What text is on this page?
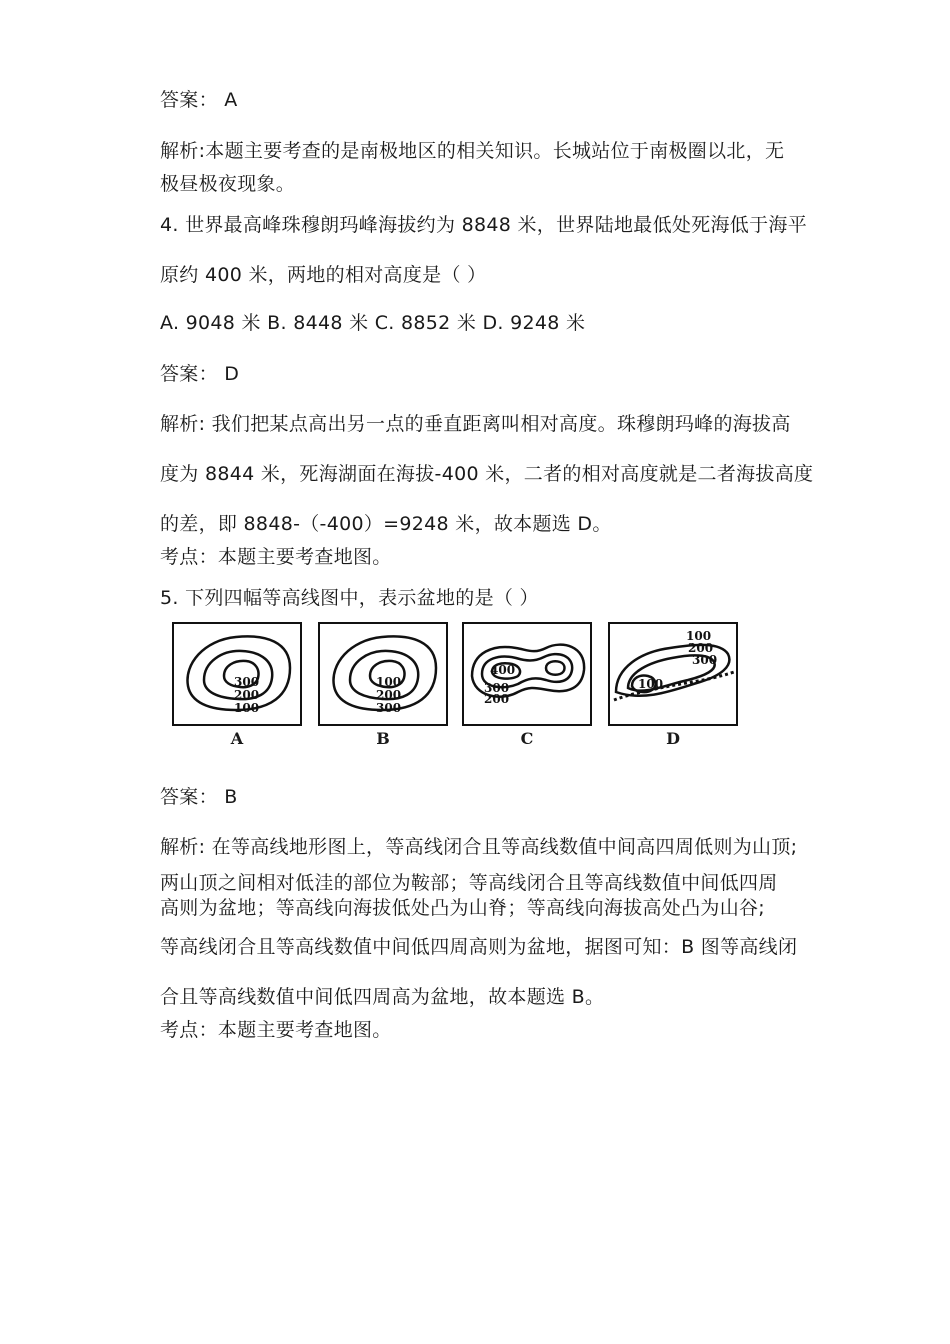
答案： A
解析:本题主要考查的是南极地区的相关知识。长城站位于南极圈以北，无
极昼极夜现象。
4. 世界最高峰珠穆朗玛峰海拔约为 8848 米，世界陆地最低处死海低于海平
原约 400 米，两地的相对高度是（ ）
A. 9048 米 B. 8448 米 C. 8852 米 D. 9248 米
答案： D
解析: 我们把某点高出另一点的垂直距离叫相对高度。珠穆朗玛峰的海拔高
度为 8844 米，死海湖面在海拔-400 米，二者的相对高度就是二者海拔高度
的差，即 8848-（-400）=9248 米，故本题选 D。
考点：本题主要考查地图。
5. 下列四幅等高线图中，表示盆地的是（ ）
300
200
100
A
100
200
300
B
400
300
200
C
100
200
300
100
D
答案： B
解析: 在等高线地形图上，等高线闭合且等高线数值中间高四周低则为山顶;
两山顶之间相对低洼的部位为鞍部；等高线闭合且等高线数值中间低四周
高则为盆地；等高线向海拔低处凸为山脊；等高线向海拔高处凸为山谷;
等高线闭合且等高线数值中间低四周高则为盆地，据图可知：B 图等高线闭
合且等高线数值中间低四周高为盆地，故本题选 B。
考点：本题主要考查地图。
